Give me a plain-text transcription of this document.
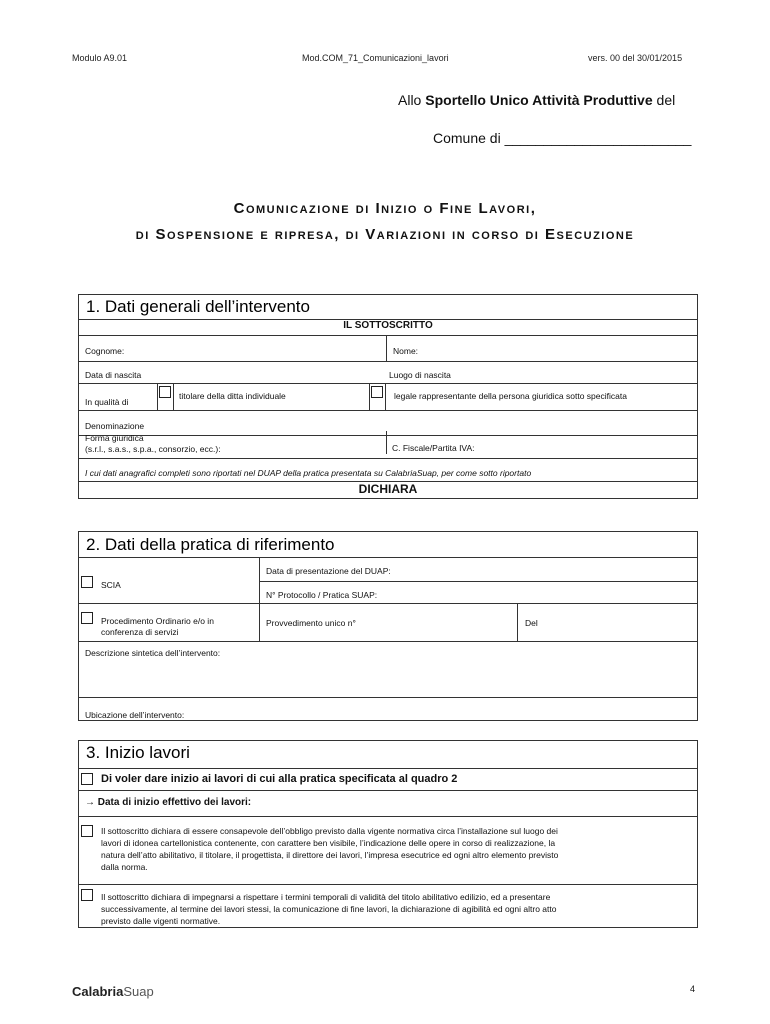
Modulo A9.01	Mod.COM_71_Comunicazioni_lavori	vers. 00 del 30/01/2015
Allo Sportello Unico Attività Produttive del
Comune di ________________________
Comunicazione di Inizio o Fine Lavori,
di Sospensione e ripresa, di Variazioni in corso di Esecuzione
1. Dati generali dell’intervento
IL SOTTOSCRITTO
Cognome:	Nome:
Data di nascita	Luogo di nascita
In qualità di
titolare della ditta individuale	legale rappresentante della persona giuridica sotto specificata
Denominazione
Forma giuridica
(s.r.l., s.a.s., s.p.a., consorzio, ecc.):	C. Fiscale/Partita IVA:
I cui dati anagrafici completi sono riportati nel DUAP della pratica presentata su CalabriaSuap, per come sotto riportato
DICHIARA
2. Dati della pratica di riferimento
SCIA
Data di presentazione del DUAP:
N° Protocollo / Pratica SUAP:
Procedimento Ordinario e/o in
conferenza di servizi
Provvedimento unico n°	Del
Descrizione sintetica dell’intervento:
Ubicazione dell’intervento:
3. Inizio lavori
Di voler dare inizio ai lavori di cui alla pratica specificata al quadro 2
→ Data di inizio effettivo dei lavori:
Il sottoscritto dichiara di essere consapevole dell’obbligo previsto dalla vigente normativa circa l’installazione sul luogo dei
lavori di idonea cartellonistica contenente, con carattere ben visibile, l’indicazione delle opere in corso di realizzazione, la
natura dell’atto abilitativo, il titolare, il progettista, il direttore dei lavori, l’impresa esecutrice ed ogni altro elemento previsto
dalla norma.
Il sottoscritto dichiara di impegnarsi a rispettare i termini temporali di validità del titolo abilitativo edilizio, ed a presentare
successivamente, al termine dei lavori stessi, la comunicazione di fine lavori, la dichiarazione di agibilità ed ogni altro atto
previsto dalle vigenti normative.
CalabriaSuap	4
